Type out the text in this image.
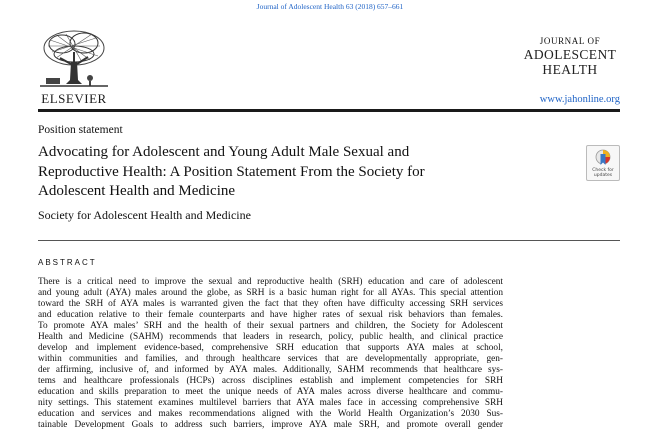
Journal of Adolescent Health 63 (2018) 657–661
ELSEVIER
JOURNAL OF
ADOLESCENT
HEALTH
www.jahonline.org
Position statement
Advocating for Adolescent and Young Adult Male Sexual and
Reproductive Health: A Position Statement From the Society for
Adolescent Health and Medicine
Check for updates
Society for Adolescent Health and Medicine
ABSTRACT

There is a critical need to improve the sexual and reproductive health (SRH) education and care of adolescent
and young adult (AYA) males around the globe, as SRH is a basic human right for all AYAs. This special attention
toward the SRH of AYA males is warranted given the fact that they often have difficulty accessing SRH services
and education relative to their female counterparts and have higher rates of sexual risk behaviors than females.
To promote AYA males’ SRH and the health of their sexual partners and children, the Society for Adolescent
Health and Medicine (SAHM) recommends that leaders in research, policy, public health, and clinical practice
develop and implement evidence-based, comprehensive SRH education that supports AYA males at school,
within communities and families, and through healthcare services that are developmentally appropriate, gen-
der affirming, inclusive of, and informed by AYA males. Additionally, SAHM recommends that healthcare sys-
tems and healthcare professionals (HCPs) across disciplines establish and implement competencies for SRH
education and skills preparation to meet the unique needs of AYA males across diverse healthcare and commu-
nity settings. This statement examines multilevel barriers that AYA males face in accessing comprehensive SRH
education and services and makes recommendations aligned with the World Health Organization’s 2030 Sus-
tainable Development Goals to address such barriers, improve AYA male SRH, and promote overall gender
